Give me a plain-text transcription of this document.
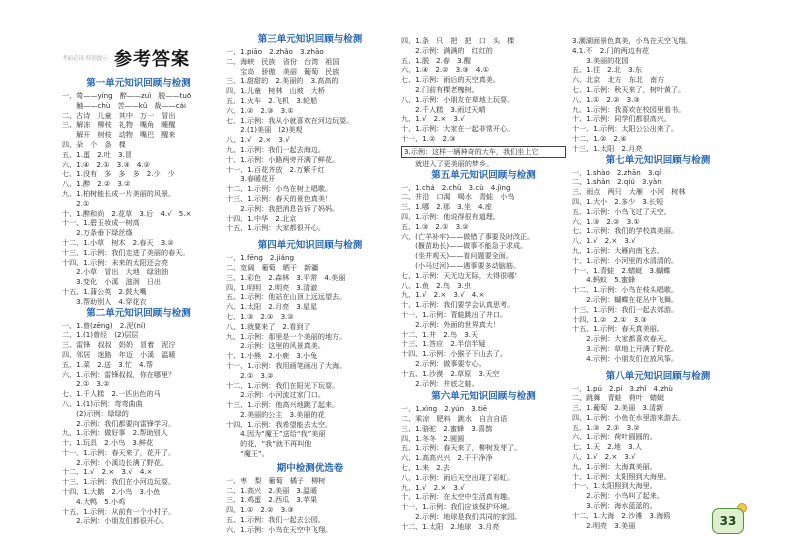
考前必读·特别提示 参考答案
第一单元知识回顾与检测
一、莺——yíng　醉——zuì　脱——tuō
　　触——chù　苦——kǔ　裁——cái
二、古诗　儿童　其中　万一　冒出
三、解冻　柳枝　礼物　嘴角　睡醒
　　解开　树枝　动物　嘴巴　醒来
四、朵　个　条　棵
五、1.蛋　2.吐　3.冒
六、1.④　2.①　3.③　4.②
七、1.没有　多　多　多　2.少　少
八、1.醉　2.②　3.②
九、1.柏树能长成一片美丽的风景。
　　2.①
十、1.醉和尚　2.花草　3.后　4.√　5.×
十一、1.碧玉妆成一树高
　　2.万条垂下绿丝绦
十二、1.小草　树木　2.春天　3.②
十三、1.示例：我们走进了美丽的春天。
十四、1.示例：未来的太阳还会亮
　　2.小草　冒出　大地　绿油油
　　3.变化　小溪　滋润　日出
十五、1.蒲公英　2.鼓大嘴
　　3.帮助别人　4.穿花衣
第二单元知识回顾与检测
一、1.曾(zēng)　2.泥(ní)
二、1.(1)曾经　(2)层层
三、雷锋　叔叔　奶奶　冒着　泥泞
四、邻居　迷路　年迈　小溪　温暖
五、1.菜　2.送　3.忙　4.帮
六、1.示例：雷锋叔叔，你在哪里？
　　2.①　3.②
七、1.千人糕　2.一匹出色的马
八、1.(1)示例：弯弯曲曲
　　(2)示例：绿绿的
　　2.示例：我们都要向雷锋学习。
九、1.示例：做好事　2.帮助别人
十、1.玩具　2.小鸟　3.鲜花
十一、1.示例：春天来了，花开了。
　　2.示例：小溪边长满了野花。
十二、1.√　2.×　3.√　4.×
十三、1.示例：我们在小河边玩耍。
十四、1.大鹅　2.小鸟　3.小鱼
　　4.大鸭　5.小鸡
十五、1.示例：从前有一个小村子。
　　2.示例：小朋友们都很开心。
第三单元知识回顾与检测
一、1.piāo　2.zhǎo　3.zhāo
二、海峡　民族　省份　台湾　祖国
　　宝岛　骄傲　美丽　葡萄　民族
三、1.甜甜的　2.美丽的　3.高高的
四、1.儿童　树林　山坡　大桥
五、1.火车　2.飞机　3.轮船
六、1.②　2.③　3.①
七、1.示例：我从小就喜欢在河边玩耍。
　　2.(1)美丽　(2)美观
八、1.√　2.×　3.√
九、1.示例：我们一起去海边。
十、1.示例：小路两旁开满了鲜花。
十一、1.百花齐放　2.万紫千红
　　3.春暖花开
十二、1.示例：小鸟在树上唱歌。
十三、1.示例：春天的景色真美！
　　2.示例：我把消息告诉了妈妈。
十四、1.中华　2.北京
十五、1.示例：大家都很开心。
第四单元知识回顾与检测
一、1.fēng　2.jiǎng
二、宽阔　葡萄　晒干　新疆
三、1.彩色　2.森林　3.平常　4.美丽
四、1.明明　2.明亮　3.清澈
五、1.示例：他站在山顶上远远望去。
六、1.太阳　2.月亮　3.星星
七、1.③　2.①　3.②
八、1.就要来了　2.看到了
九、1.示例：那里是一个美丽的地方。
　　2.示例：这里的风景真美。
十、1.小熊　2.小鹿　3.小兔
十一、1.示例：我用画笔画出了大海。
　　2.①　3.②
十二、1.示例：我们在阳光下玩耍。
　　2.示例：小河流过家门口。
十三、1.示例：他高兴地跳了起来。
　　2.美丽的公主　3.美丽的花
十四、1.示例：我希望能去太空。
　　4.因为“魔王”送给“我”美丽
　　的花，“我”就不再叫他
　　“魔王”。
期中检测优选卷
一、枣　梨　葡萄　橘子　柳树
二、1.高兴　2.美丽　3.温暖
三、1.鸡蛋　2.西瓜　3.苹果
四、1.①　2.②　3.③
五、1.示例：我们一起去公园。
六、1.示例：小鸟在天空中飞翔。
四、1.条　只　把　把　口　头　棵
　　2.示例：满满的　红红的
五、1.脱　2.春　3.醒
六、1.④　2.②　3.③　4.①
七、1.示例：雨后的天空真美。
　　2.门前有棵老槐树。
八、1.示例：小朋友在草地上玩耍。
　　2.千人糕　3.雨过天晴
九、1.√　2.×　3.√
十、1.示例：大家在一起非常开心。
十一、1.②　2.③
3.示例：这样一辆神奇的大车，我们坐上它
　　就进入了更美丽的梦乡。
第五单元知识回顾与检测
一、1.chá　2.chǔ　3.cù　4.jìng
二、井沿　口渴　喝水　青蛙　小鸟
三、1.哪　2.那　3.坐　4.座
四、1.示例：他说得很有道理。
五、1.③　2.①　3.②
六、(亡羊补牢)——做错了事要及时改正。
　　(揠苗助长)——做事不能急于求成。
　　(坐井观天)——看问题要全面。
　　(小马过河)——遇事要多动脑筋。
七、1.示例：天无边无际，大得很哪！
八、1.鱼　2.鸟　3.虫
九、1.√　2.×　3.√　4.×
十、1.示例：我们要学会认真思考。
十一、1.示例：青蛙跳出了井口。
　　2.示例：外面的世界真大！
十二、1.井　2.鸟　3.天
十三、1.答应　2.半信半疑
十四、1.示例：小猴子下山去了。
　　2.示例：做事要专心。
十五、1.沙漠　2.草原　3.天空
　　2.示例：井底之蛙。
第六单元知识回顾与检测
一、1.xìng　2.yún　3.tiē
二、乘凉　肥料　跳水　自言自语
三、1.骆驼　2.蜜蜂　3.喜鹊
四、1.冬冬　2.圆圆
五、1.示例：春天来了，柳树发芽了。
六、1.高高兴兴　2.干干净净
七、1.来　2.去
八、1.示例：雨后天空出现了彩虹。
九、1.√　2.×　3.√
十、1.示例：在太空中生活真有趣。
十一、1.示例：我们应该保护环境。
　　2.示例：地球是我们共同的家园。
十二、1.太阳　2.地球　3.月亮
3.潮湖面景色真美，小鸟在天空飞翔。
4.1.不　2.门的两边有花
　　3.美丽的花园
五、1.往　2.北　3.东
六、北京　北方　东北　南方
七、1.示例：秋天来了，树叶黄了。
八、1.①　2.②　3.③
九、1.示例：我喜欢在校园里看书。
十、1.示例：同学们都很高兴。
十一、1.示例：太阳公公出来了。
十二、1.②　2.④
十三、1.太阳　2.月亮
第七单元知识回顾与检测
一、1.shào　2.zhān　3.qí
二、1.shǎn　2.qiú　3.yàn
三、雨点　两只　大雁　小河　树林
四、1.大小　2.多少　3.长短
五、1.示例：小鸟飞过了天空。
六、1.③　2.②　3.①
七、1.示例：我们的学校真美丽。
八、1.√　2.×　3.√
九、1.示例：大雁向南飞去。
十、1.示例：小河里的水清清的。
十一、1.青蛙　2.蜻蜓　3.蝴蝶
　　4.蚂蚁　5.蜜蜂
十二、1.示例：小鸟在枝头唱歌。
　　2.示例：蝴蝶在花丛中飞舞。
十三、1.示例：我们一起去郊游。
十四、1.②　2.①　3.③
十五、1.示例：春天真美丽。
　　2.示例：大家都喜欢春天。
　　3.示例：草地上开满了野花。
　　4.示例：小朋友们在放风筝。
第八单元知识回顾与检测
一、1.pú　2.pí　3.zhǐ　4.zhù
二、跳舞　青蛙　荷叶　蜻蜓
三、1.葡萄　2.美丽　3.清新
四、1.示例：小鱼在水里游来游去。
五、1.③　2.①　3.②
六、1.示例：荷叶圆圆的。
七、1.天　2.地　3.人
八、1.√　2.×　3.√
九、1.示例：大海真美丽。
十、1.示例：太阳照到大海里。
十一、1.太阳照到大海里。
　　2.示例：小鸟叫了起来。
　　3.示例：海水蓝蓝的。
十二、1.大海　2.沙滩　3.海鸥
　　2.明亮　3.美丽	33
